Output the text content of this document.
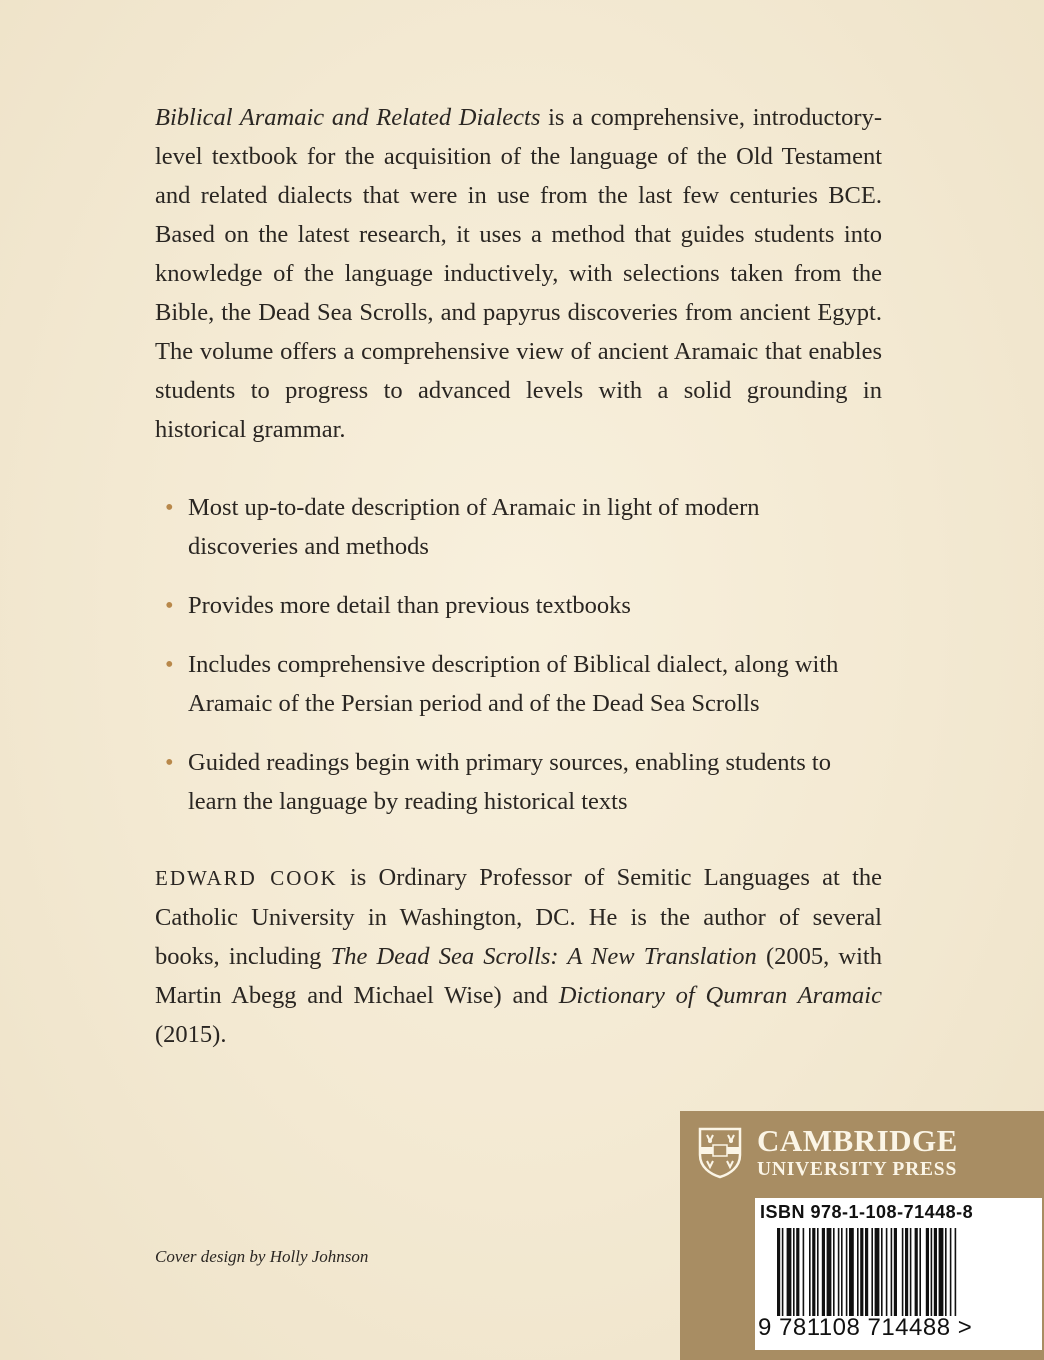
Biblical Aramaic and Related Dialects is a comprehensive, introductory-level textbook for the acquisition of the language of the Old Testament and related dialects that were in use from the last few centuries BCE. Based on the latest research, it uses a method that guides students into knowledge of the language inductively, with selections taken from the Bible, the Dead Sea Scrolls, and papyrus discoveries from ancient Egypt. The volume offers a comprehensive view of ancient Aramaic that enables students to progress to advanced levels with a solid grounding in historical grammar.

• Most up-to-date description of Aramaic in light of modern discoveries and methods
• Provides more detail than previous textbooks
• Includes comprehensive description of Biblical dialect, along with Aramaic of the Persian period and of the Dead Sea Scrolls
• Guided readings begin with primary sources, enabling students to learn the language by reading historical texts

EDWARD COOK is Ordinary Professor of Semitic Languages at the Catholic University in Washington, DC. He is the author of several books, including The Dead Sea Scrolls: A New Translation (2005, with Martin Abegg and Michael Wise) and Dictionary of Qumran Aramaic (2015).

Cover design by Holly Johnson
CAMBRIDGE
UNIVERSITY PRESS
ISBN 978-1-108-71448-8
9 781108 714488 >
